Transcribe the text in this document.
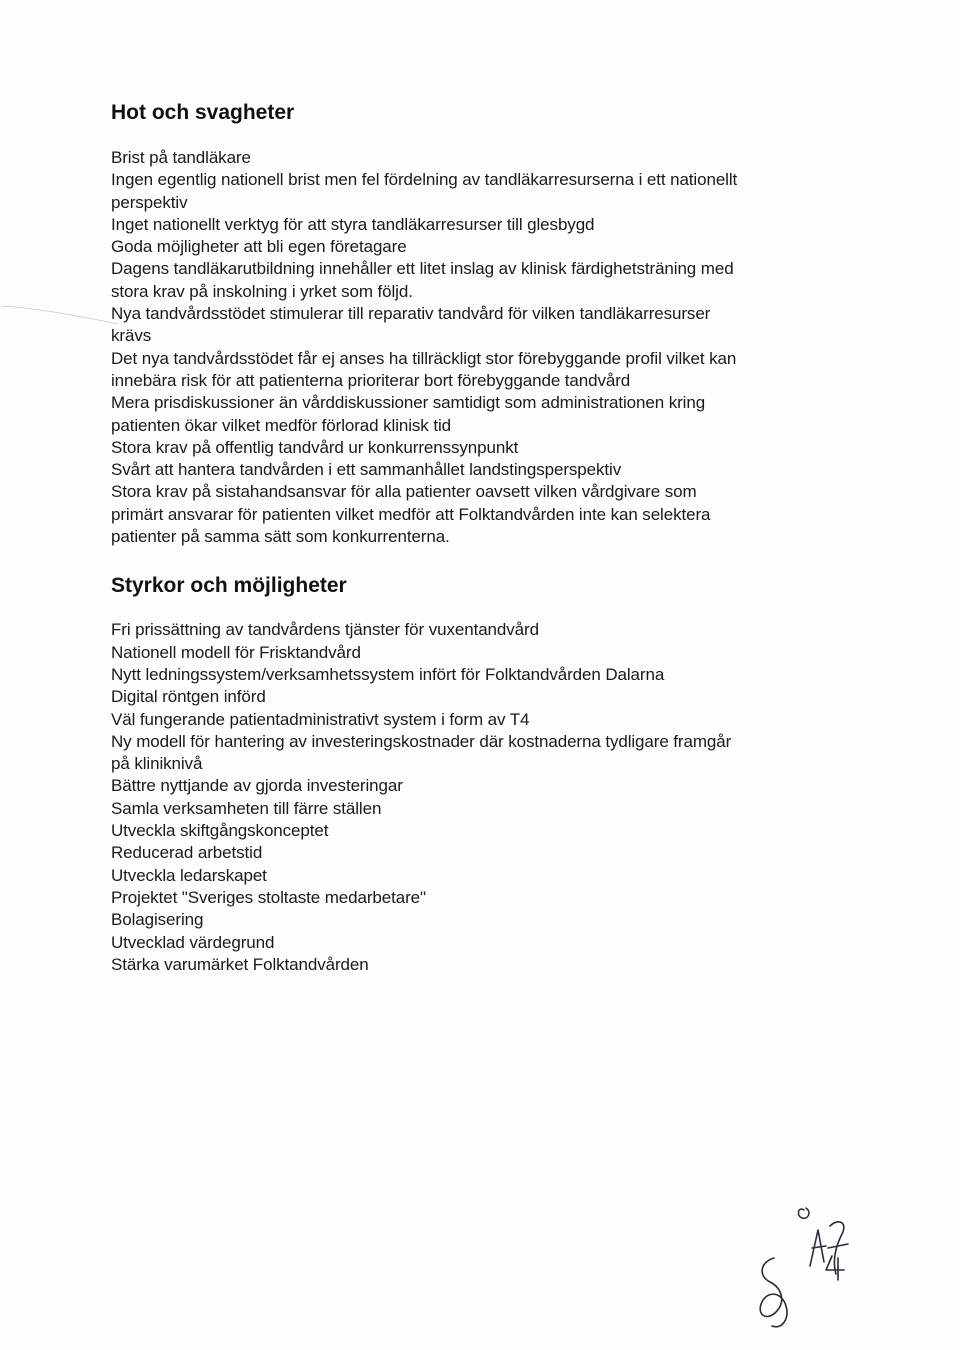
Hot och svagheter
Brist på tandläkare
Ingen egentlig nationell brist men fel fördelning av tandläkarresurserna i ett nationellt
perspektiv
Inget nationellt verktyg för att styra tandläkarresurser till glesbygd
Goda möjligheter att bli egen företagare
Dagens tandläkarutbildning innehåller ett litet inslag av klinisk färdighetsträning med
stora krav på inskolning i yrket som följd.
Nya tandvårdsstödet stimulerar till reparativ tandvård för vilken tandläkarresurser
krävs
Det nya tandvårdsstödet får ej anses ha tillräckligt stor förebyggande profil vilket kan
innebära risk för att patienterna prioriterar bort förebyggande tandvård
Mera prisdiskussioner än vårddiskussioner samtidigt som administrationen kring
patienten ökar vilket medför förlorad klinisk tid
Stora krav på offentlig tandvård ur konkurrenssynpunkt
Svårt att hantera tandvården i ett sammanhållet landstingsperspektiv
Stora krav på sistahandsansvar för alla patienter oavsett vilken vårdgivare som
primärt ansvarar för patienten vilket medför att Folktandvården inte kan selektera
patienter på samma sätt som konkurrenterna.
Styrkor och möjligheter
Fri prissättning av tandvårdens tjänster för vuxentandvård
Nationell modell för Frisktandvård
Nytt ledningssystem/verksamhetssystem infört för Folktandvården Dalarna
Digital röntgen införd
Väl fungerande patientadministrativt system i form av T4
Ny modell för hantering av investeringskostnader där kostnaderna tydligare framgår
på kliniknivå
Bättre nyttjande av gjorda investeringar
Samla verksamheten till färre ställen
Utveckla skiftgångskonceptet
Reducerad arbetstid
Utveckla ledarskapet
Projektet "Sveriges stoltaste medarbetare"
Bolagisering
Utvecklad värdegrund
Stärka varumärket Folktandvården
